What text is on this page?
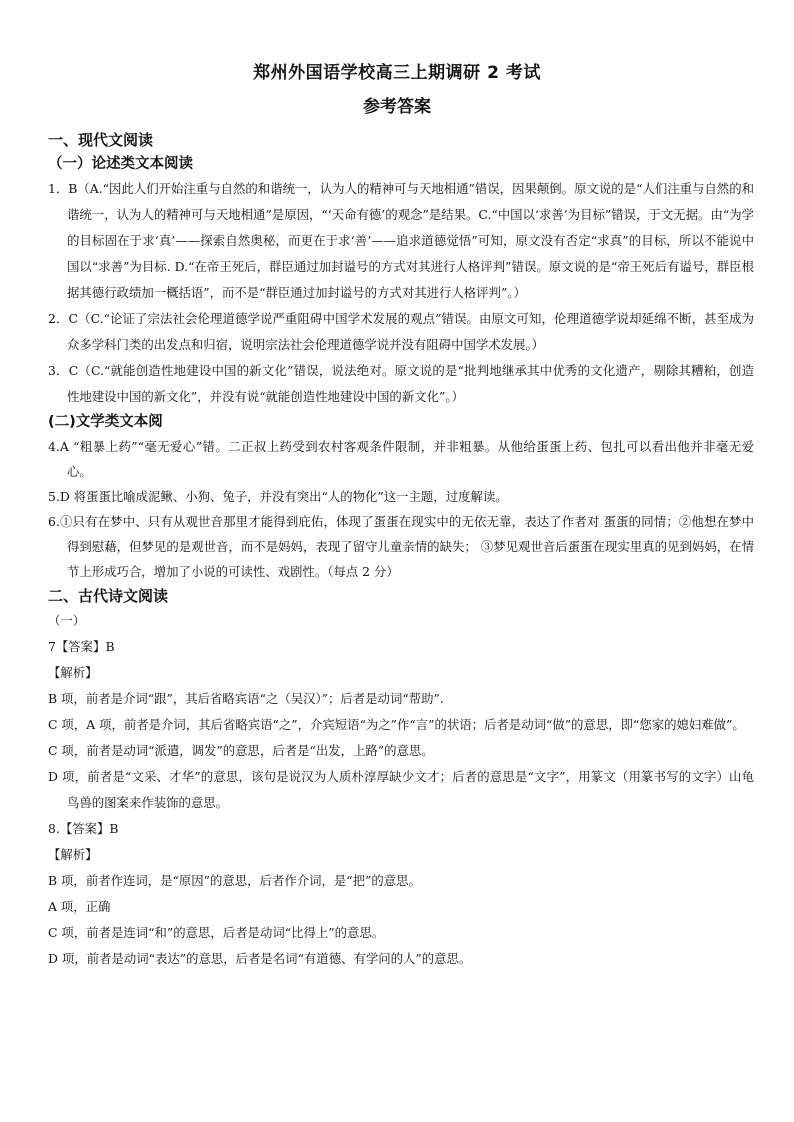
郑州外国语学校高三上期调研 2 考试
参考答案
一、现代文阅读
（一）论述类文本阅读
1．B（A.“因此人们开始注重与自然的和谐统一，认为人的精神可与天地相通”错误，因果颠倒。原文说的是“人们注重与自然的和谐统一，认为人的精神可与天地相通”是原因，“‘天命有德’的观念”是结果。C.“中国以‘求善’为目标”错误，于文无据。由“为学的目标固在于求‘真’——探索自然奥秘，而更在于求‘善’——追求道德觉悟”可知，原文没有否定“求真”的目标，所以不能说中国以“求善”为目标. D.“在帝王死后，群臣通过加封谥号的方式对其进行人格评判”错误。原文说的是“帝王死后有谥号，群臣根据其德行政绩加一概括语”，而不是“群臣通过加封谥号的方式对其进行人格评判”。）
2．C（C.“论证了宗法社会伦理道德学说严重阻碍中国学术发展的观点”错误。由原文可知，伦理道德学说却延绵不断，甚至成为众多学科门类的出发点和归宿，说明宗法社会伦理道德学说并没有阻碍中国学术发展。）
3．C（C.“就能创造性地建设中国的新文化”错误，说法绝对。原文说的是“批判地继承其中优秀的文化遗产，剔除其糟粕，创造性地建设中国的新文化”，并没有说“就能创造性地建设中国的新文化”。）
(二)文学类文本阅
4.A “粗暴上药”“毫无爱心”错。二正叔上药受到农村客观条件限制，并非粗暴。从他给蛋蛋上药、包扎可以看出他并非毫无爱心。
5.D 将蛋蛋比喻成泥鳅、小狗、兔子，并没有突出“人的物化”这一主题，过度解读。
6.①只有在梦中、只有从观世音那里才能得到庇佑，体现了蛋蛋在现实中的无依无靠，表达了作者对 蛋蛋的同情；②他想在梦中得到慰藉，但梦见的是观世音，而不是妈妈，表现了留守儿童亲情的缺失； ③梦见观世音后蛋蛋在现实里真的见到妈妈，在情节上形成巧合，增加了小说的可读性、戏剧性。（每点 2 分）
二、古代诗文阅读
（一）
7【答案】B
【解析】
B 项，前者是介词“跟”，其后省略宾语“之（吴汉）”；后者是动词“帮助”.
C 项，A 项，前者是介词，其后省略宾语“之”，介宾短语“为之”作“言”的状语；后者是动词“做”的意思，即“您家的媳妇难做”。
C 项，前者是动词“派遣，调发”的意思，后者是“出发，上路”的意思。
D 项，前者是“文采、才华”的意思，该句是说汉为人质朴淳厚缺少文才；后者的意思是“文字”，用篆文（用篆书写的文字）山龟鸟兽的图案来作装饰的意思。
8.【答案】B
【解析】
B 项，前者作连词，是“原因”的意思，后者作介词，是“把”的意思。
A 项，正确
C 项，前者是连词“和”的意思，后者是动词“比得上”的意思。
D 项，前者是动词“表达”的意思，后者是名词“有道德、有学问的人”的意思。
